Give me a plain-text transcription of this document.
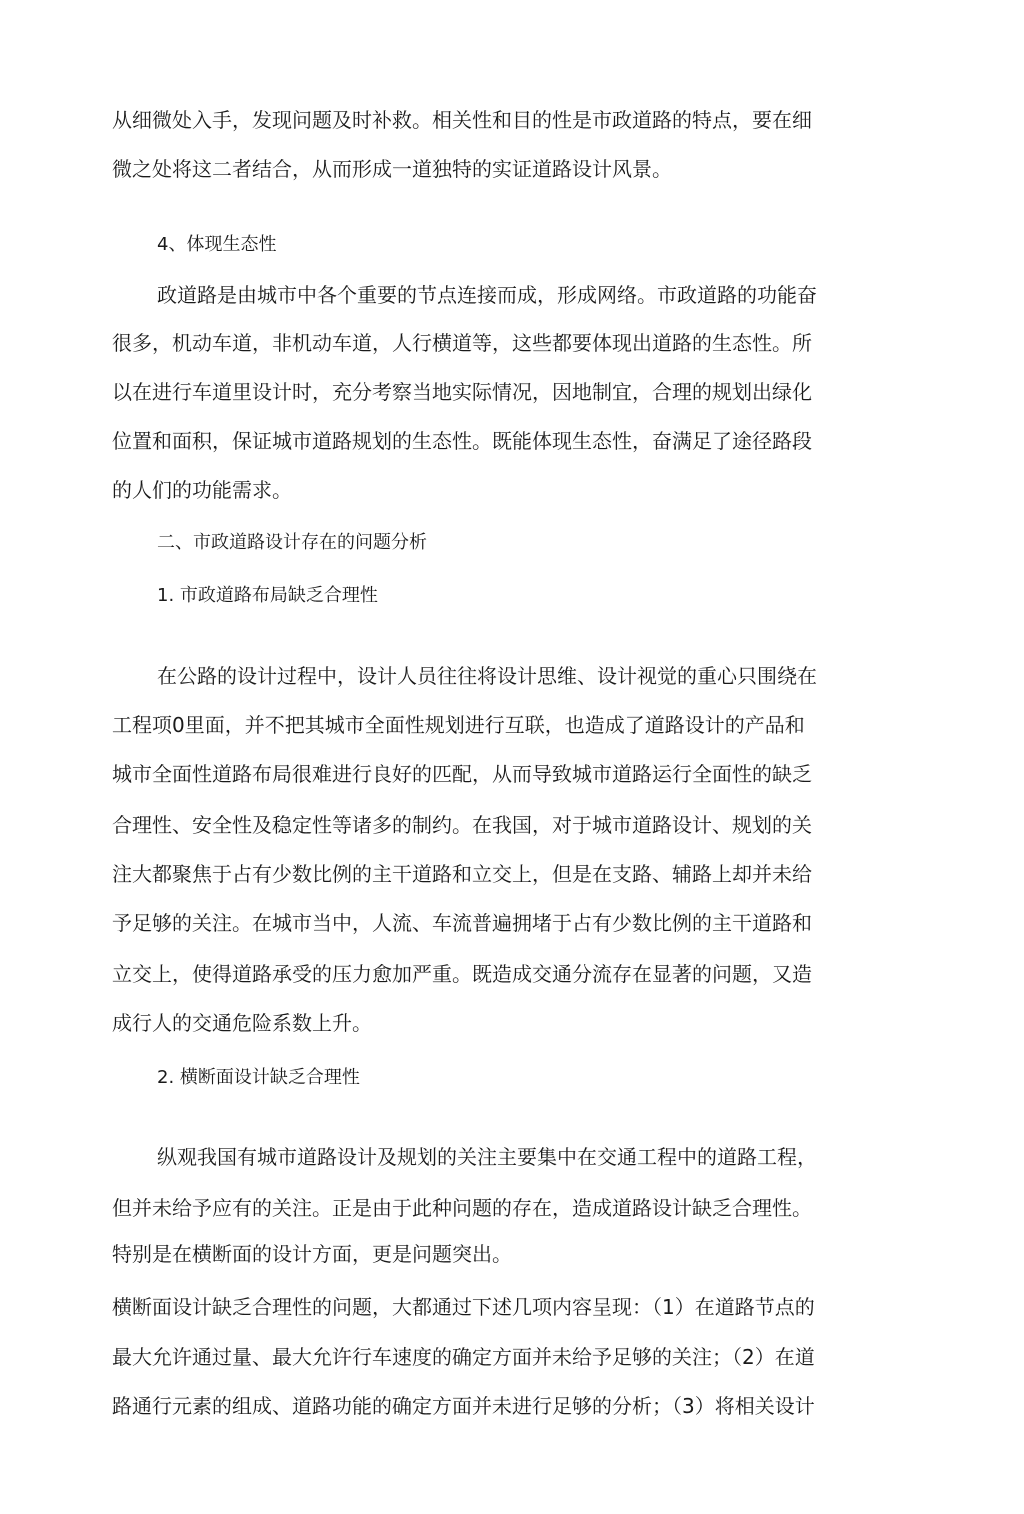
从细微处入手，发现问题及时补救。相关性和目的性是市政道路的特点，要在细
微之处将这二者结合，从而形成一道独特的实证道路设计风景。
4、体现生态性
政道路是由城市中各个重要的节点连接而成，形成网络。市政道路的功能奋
很多，机动车道，非机动车道，人行横道等，这些都要体现出道路的生态性。所
以在进行车道里设计时，充分考察当地实际情况，因地制宜，合理的规划出绿化
位置和面积，保证城市道路规划的生态性。既能体现生态性，奋满足了途径路段
的人们的功能需求。
二、市政道路设计存在的问题分析
1. 市政道路布局缺乏合理性
在公路的设计过程中，设计人员往往将设计思维、设计视觉的重心只围绕在
工程项0里面，并不把其城市全面性规划进行互联，也造成了道路设计的产品和
城市全面性道路布局很难进行良好的匹配，从而导致城市道路运行全面性的缺乏
合理性、安全性及稳定性等诸多的制约。在我国，对于城市道路设计、规划的关
注大都聚焦于占有少数比例的主干道路和立交上，但是在支路、辅路上却并未给
予足够的关注。在城市当中，人流、车流普遍拥堵于占有少数比例的主干道路和
立交上，使得道路承受的压力愈加严重。既造成交通分流存在显著的问题，又造
成行人的交通危险系数上升。
2. 横断面设计缺乏合理性
纵观我国有城市道路设计及规划的关注主要集中在交通工程中的道路工程，
但并未给予应有的关注。正是由于此种问题的存在，造成道路设计缺乏合理性。
特别是在横断面的设计方面，更是问题突出。
横断面设计缺乏合理性的问题，大都通过下述几项内容呈现：（1）在道路节点的
最大允许通过量、最大允许行车速度的确定方面并未给予足够的关注；（2）在道
路通行元素的组成、道路功能的确定方面并未进行足够的分析；（3）将相关设计
